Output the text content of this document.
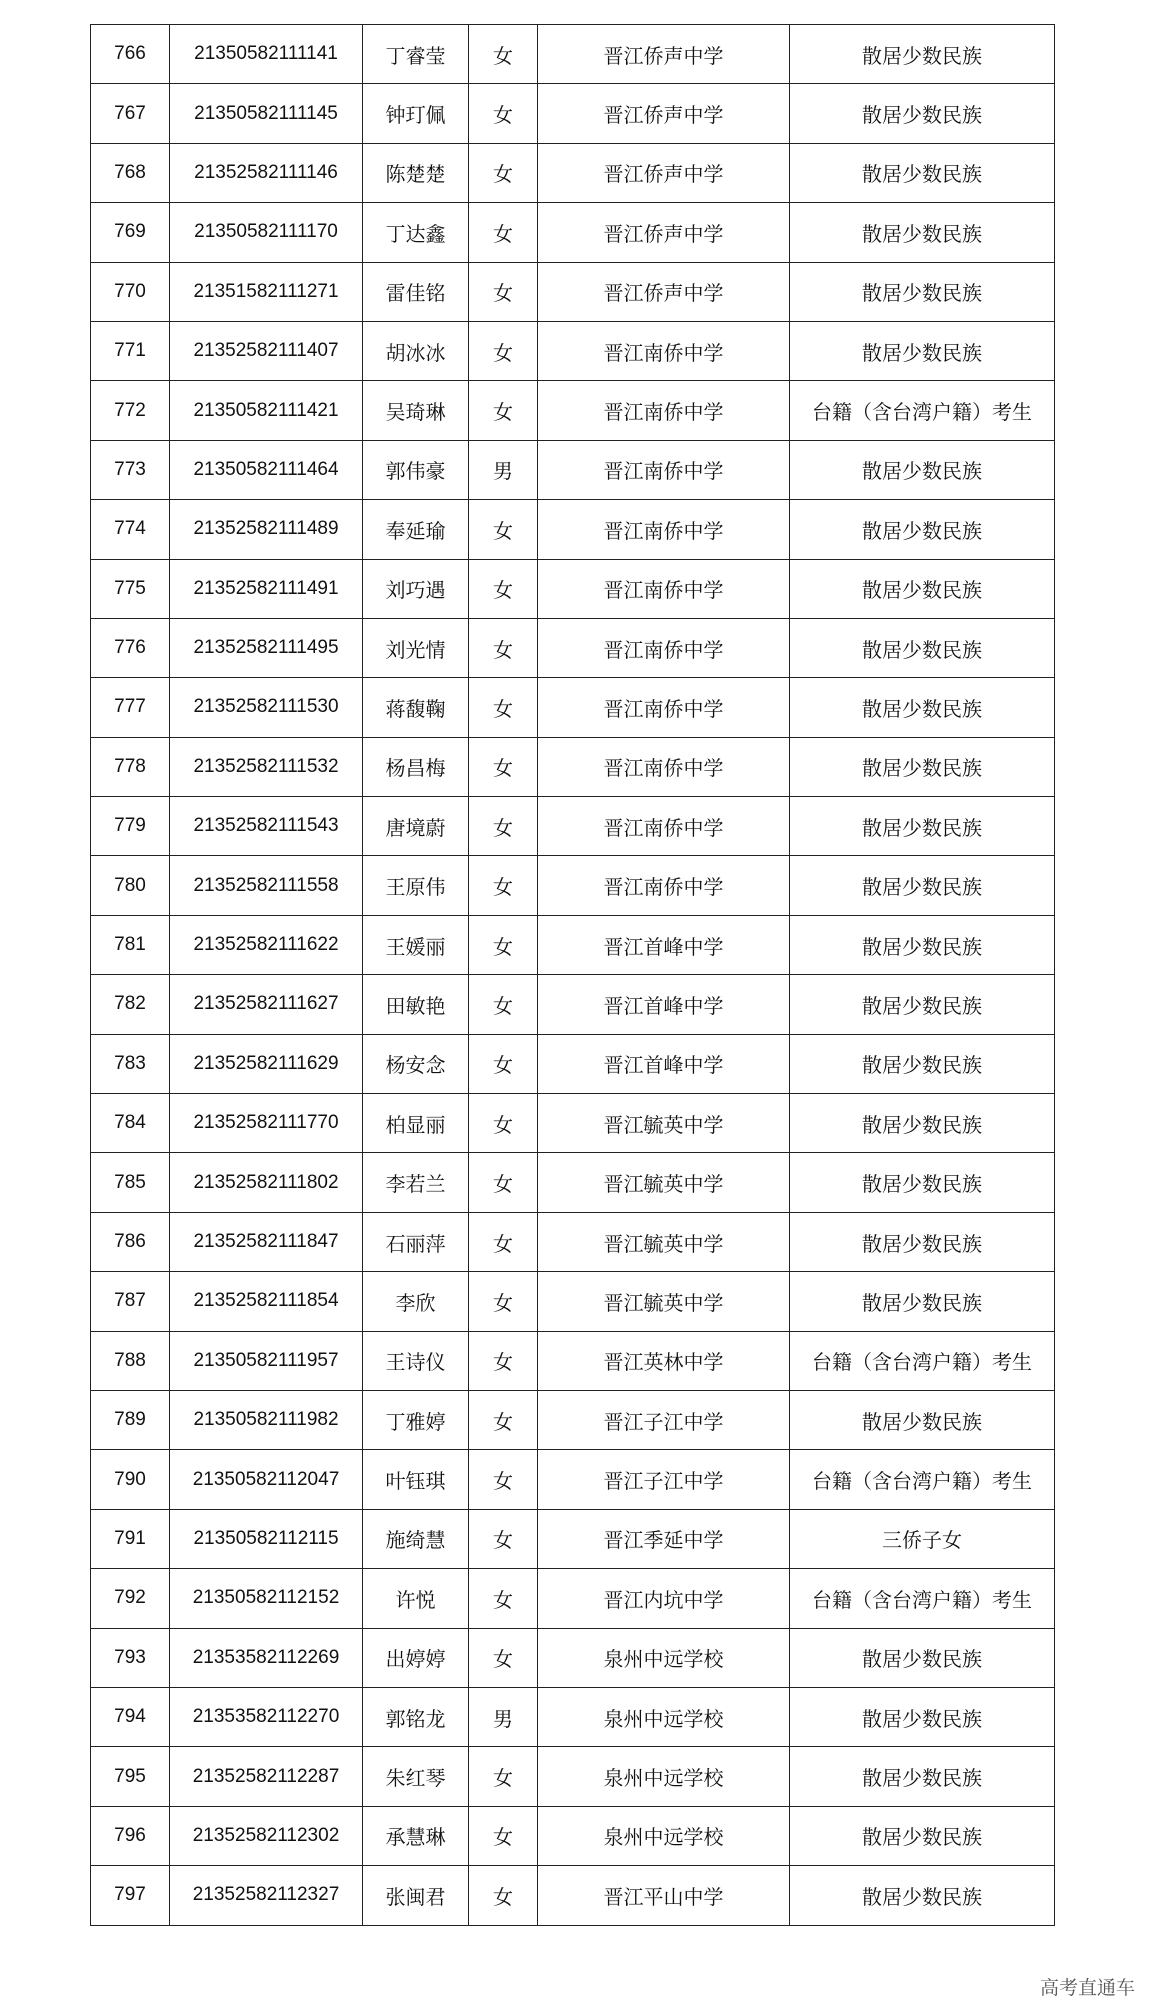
766	21350582111141	丁睿莹	女	晋江侨声中学	散居少数民族
767	21350582111145	钟玎佩	女	晋江侨声中学	散居少数民族
768	21352582111146	陈楚楚	女	晋江侨声中学	散居少数民族
769	21350582111170	丁达鑫	女	晋江侨声中学	散居少数民族
770	21351582111271	雷佳铭	女	晋江侨声中学	散居少数民族
771	21352582111407	胡冰冰	女	晋江南侨中学	散居少数民族
772	21350582111421	吴琦琳	女	晋江南侨中学	台籍（含台湾户籍）考生
773	21350582111464	郭伟豪	男	晋江南侨中学	散居少数民族
774	21352582111489	奉延瑜	女	晋江南侨中学	散居少数民族
775	21352582111491	刘巧遇	女	晋江南侨中学	散居少数民族
776	21352582111495	刘光情	女	晋江南侨中学	散居少数民族
777	21352582111530	蒋馥鞠	女	晋江南侨中学	散居少数民族
778	21352582111532	杨昌梅	女	晋江南侨中学	散居少数民族
779	21352582111543	唐境蔚	女	晋江南侨中学	散居少数民族
780	21352582111558	王原伟	女	晋江南侨中学	散居少数民族
781	21352582111622	王媛丽	女	晋江首峰中学	散居少数民族
782	21352582111627	田敏艳	女	晋江首峰中学	散居少数民族
783	21352582111629	杨安念	女	晋江首峰中学	散居少数民族
784	21352582111770	柏显丽	女	晋江毓英中学	散居少数民族
785	21352582111802	李若兰	女	晋江毓英中学	散居少数民族
786	21352582111847	石丽萍	女	晋江毓英中学	散居少数民族
787	21352582111854	李欣	女	晋江毓英中学	散居少数民族
788	21350582111957	王诗仪	女	晋江英林中学	台籍（含台湾户籍）考生
789	21350582111982	丁雅婷	女	晋江子江中学	散居少数民族
790	21350582112047	叶钰琪	女	晋江子江中学	台籍（含台湾户籍）考生
791	21350582112115	施绮慧	女	晋江季延中学	三侨子女
792	21350582112152	许悦	女	晋江内坑中学	台籍（含台湾户籍）考生
793	21353582112269	出婷婷	女	泉州中远学校	散居少数民族
794	21353582112270	郭铭龙	男	泉州中远学校	散居少数民族
795	21352582112287	朱红琴	女	泉州中远学校	散居少数民族
796	21352582112302	承慧琳	女	泉州中远学校	散居少数民族
797	21352582112327	张闽君	女	晋江平山中学	散居少数民族
高考直通车
